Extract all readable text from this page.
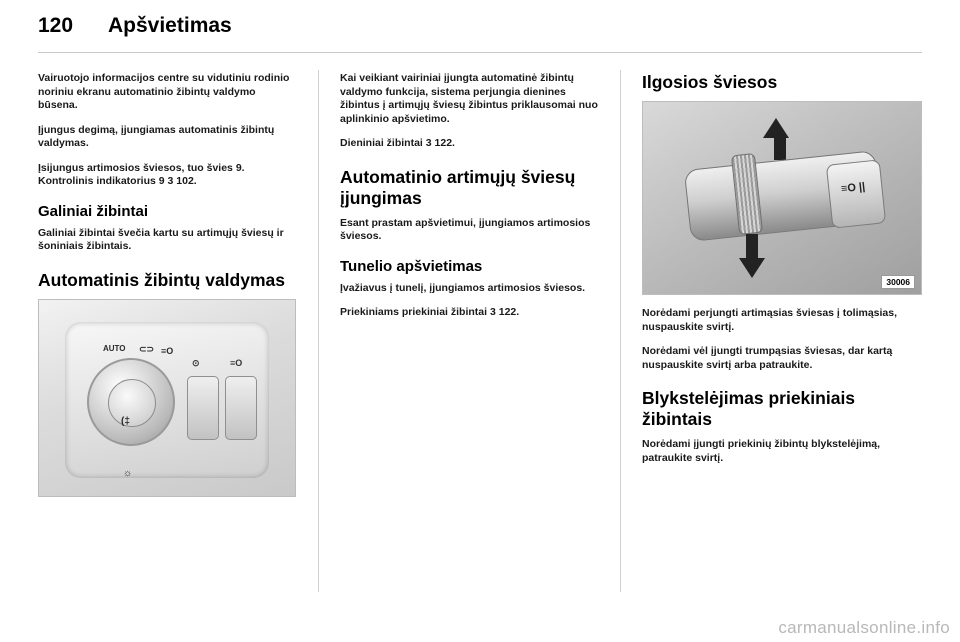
120 Apšvietimas

Vairuotojo informacijos centre su vidutiniu rodinio noriniu ekranu automatinio žibintų valdymo būsena.

Įjungus degimą, įjungiamas automatinis žibintų valdymas.

Įsijungus artimosios šviesos, tuo švies 9. Kontrolinis indikatorius 9 3 102.

Galiniai žibintai

Galiniai žibintai švečia kartu su artimųjų šviesų ir šoniniais žibintais.

Automatinis žibintų valdymas
AUTO ⊂⊃ ≡O
(‡
☼
⊙	≡O

Kai veikiant vairiniai įjungta automatinė žibintų valdymo funkcija, sistema perjungia dienines žibintus į artimųjų šviesų žibintus priklausomai nuo aplinkinio apšvietimo.

Dieniniai žibintai 3 122.

Automatinio artimųjų šviesų įjungimas

Esant prastam apšvietimui, įjungiamos artimosios šviesos.

Tunelio apšvietimas

Įvažiavus į tunelį, įjungiamos artimosios šviesos.

Priekiniams priekiniai žibintai 3 122.

Ilgosios šviesos
≡O ||
30006

Norėdami perjungti artimąsias šviesas į tolimąsias, nuspauskite svirtį.

Norėdami vėl įjungti trumpąsias šviesas, dar kartą nuspauskite svirtį arba patraukite.

Blykstelėjimas priekiniais žibintais

Norėdami įjungti priekinių žibintų blykstelėjimą, patraukite svirtį.

carmanualsonline.info
